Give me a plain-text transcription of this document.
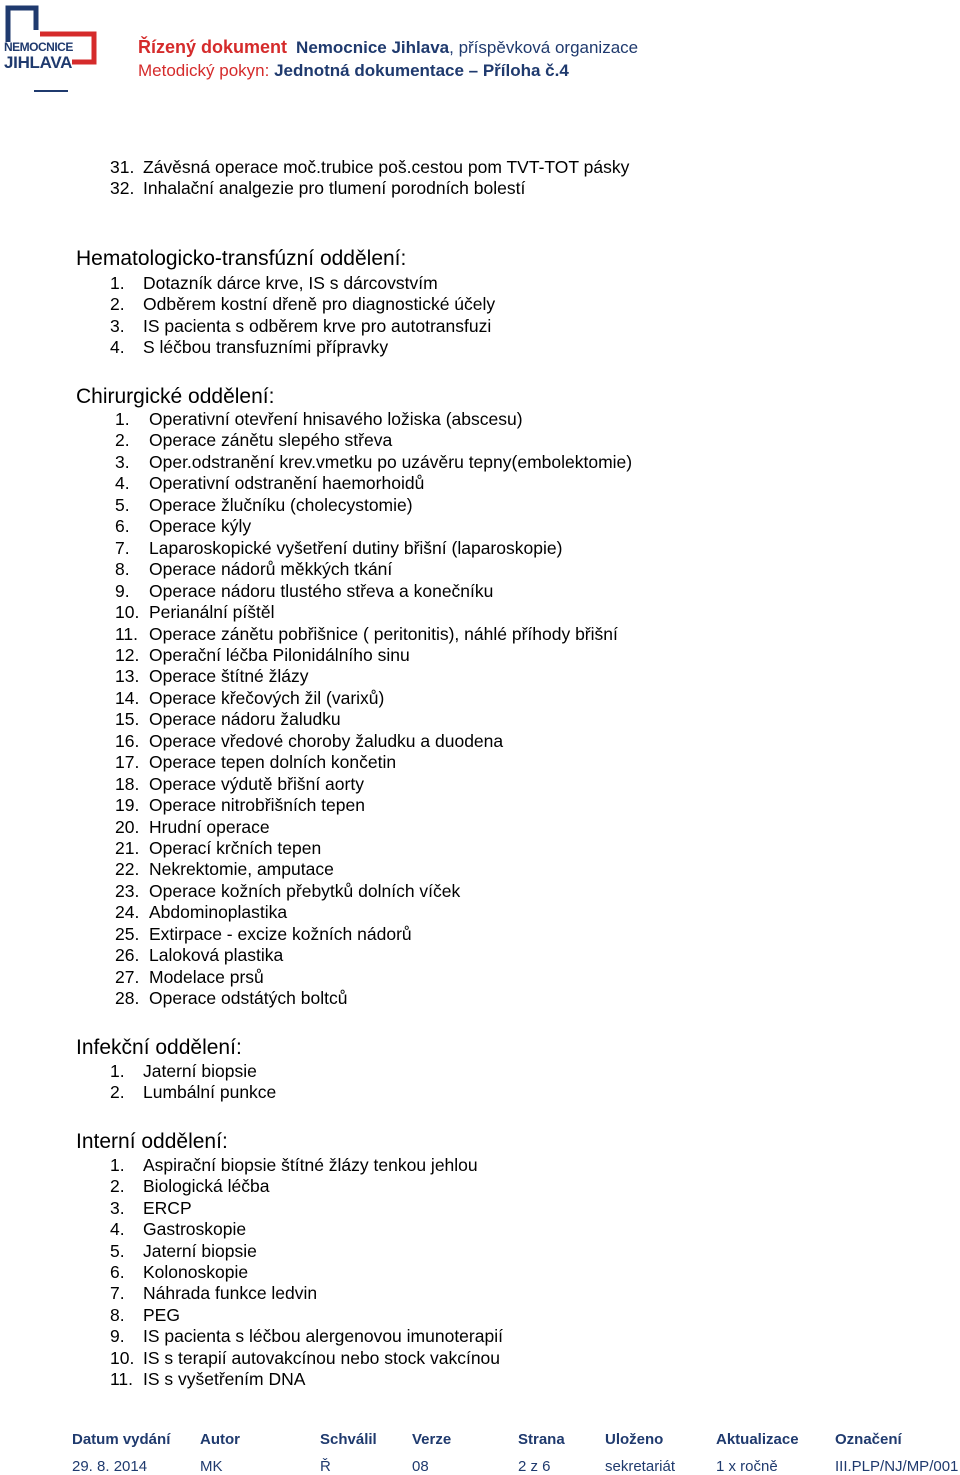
NEMOCNICE
JIHLAVA
Řízený dokument Nemocnice Jihlava, příspěvková organizace
Metodický pokyn: Jednotná dokumentace – Příloha č.4
31. Závěsná operace moč.trubice poš.cestou pom TVT-TOT pásky
32. Inhalační analgezie pro tlumení porodních bolestí
Hematologicko-transfúzní oddělení:
1. Dotazník dárce krve, IS s dárcovstvím
2. Odběrem kostní dřeně pro diagnostické účely
3. IS pacienta s odběrem krve pro autotransfuzi
4. S léčbou transfuzními přípravky
Chirurgické oddělení:
1. Operativní otevření hnisavého ložiska (abscesu)
2. Operace zánětu slepého střeva
3. Oper.odstranění krev.vmetku po uzávěru tepny(embolektomie)
4. Operativní odstranění haemorhoidů
5. Operace žlučníku (cholecystomie)
6. Operace kýly
7. Laparoskopické vyšetření dutiny břišní (laparoskopie)
8. Operace nádorů měkkých tkání
9. Operace nádoru tlustého střeva a konečníku
10. Perianální píštěl
11. Operace zánětu pobřišnice ( peritonitis), náhlé příhody břišní
12. Operační léčba Pilonidálního sinu
13. Operace štítné žlázy
14. Operace křečových žil (varixů)
15. Operace nádoru žaludku
16. Operace vředové choroby žaludku a duodena
17. Operace tepen dolních končetin
18. Operace výdutě břišní aorty
19. Operace nitrobřišních tepen
20. Hrudní operace
21. Operací krčních tepen
22. Nekrektomie, amputace
23. Operace kožních přebytků dolních víček
24. Abdominoplastika
25. Extirpace - excize kožních nádorů
26. Laloková plastika
27. Modelace prsů
28. Operace odstátých boltců
Infekční oddělení:
1. Jaterní biopsie
2. Lumbální punkce
Interní oddělení:
1. Aspirační biopsie štítné žlázy tenkou jehlou
2. Biologická léčba
3. ERCP
4. Gastroskopie
5. Jaterní biopsie
6. Kolonoskopie
7. Náhrada funkce ledvin
8. PEG
9. IS pacienta s léčbou alergenovou imunoterapií
10. IS s terapií autovakcínou nebo stock vakcínou
11. IS s vyšetřením DNA
Datum vydání
29. 8. 2014
Autor
MK
Schválil
Ř
Verze
08
Strana
2 z 6
Uloženo
sekretariát
Aktualizace
1 x ročně
Označení
III.PLP/NJ/MP/001
